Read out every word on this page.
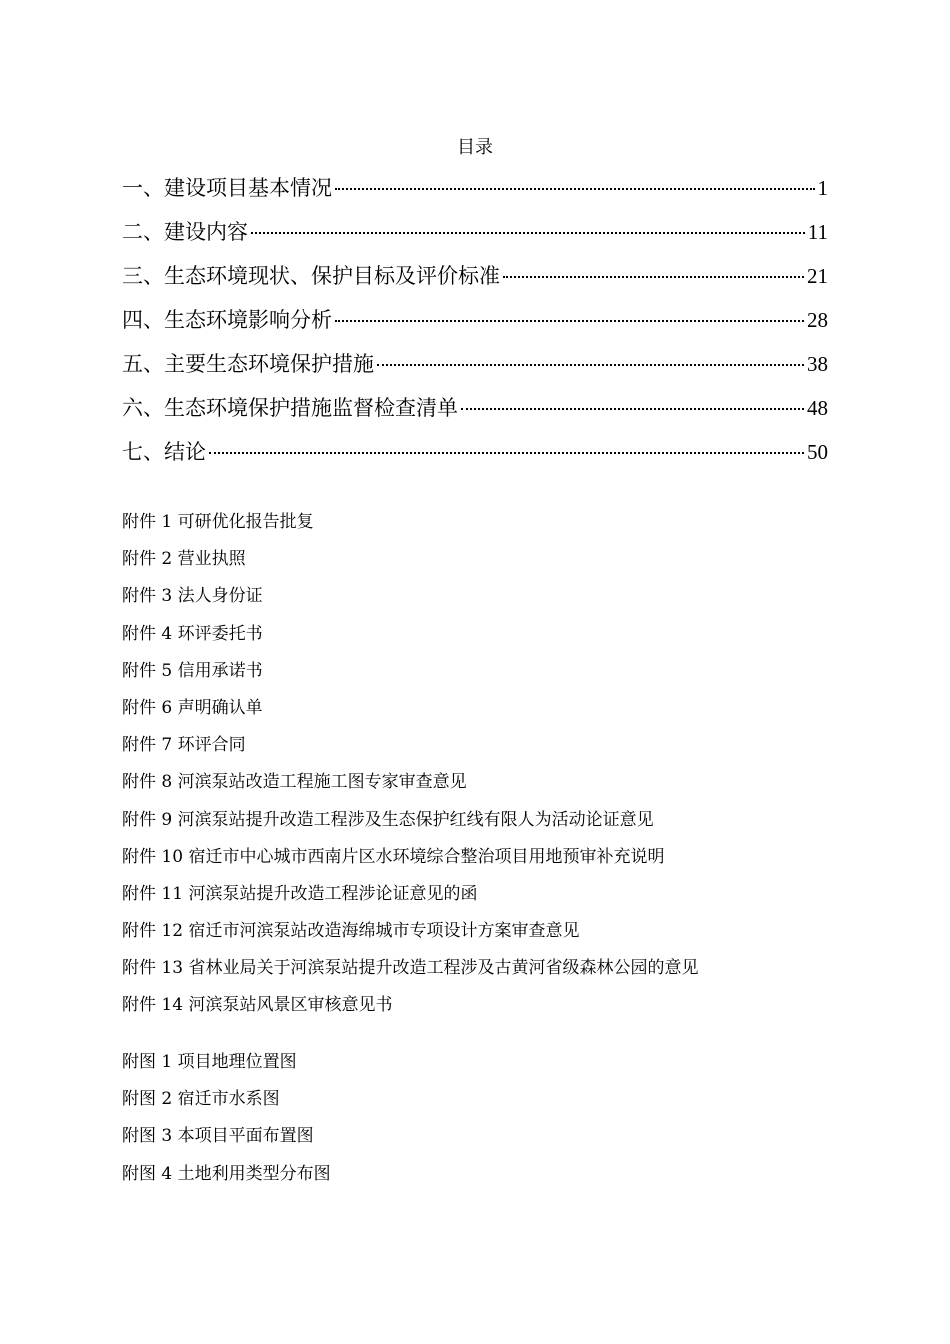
目录
一、建设项目基本情况	1
二、建设内容	11
三、生态环境现状、保护目标及评价标准	21
四、生态环境影响分析	28
五、主要生态环境保护措施	38
六、生态环境保护措施监督检查清单	48
七、结论	50
附件 1 可研优化报告批复
附件 2 营业执照
附件 3 法人身份证
附件 4 环评委托书
附件 5 信用承诺书
附件 6 声明确认单
附件 7 环评合同
附件 8 河滨泵站改造工程施工图专家审查意见
附件 9 河滨泵站提升改造工程涉及生态保护红线有限人为活动论证意见
附件 10 宿迁市中心城市西南片区水环境综合整治项目用地预审补充说明
附件 11 河滨泵站提升改造工程涉论证意见的函
附件 12 宿迁市河滨泵站改造海绵城市专项设计方案审查意见
附件 13 省林业局关于河滨泵站提升改造工程涉及古黄河省级森林公园的意见
附件 14 河滨泵站风景区审核意见书
附图 1 项目地理位置图
附图 2 宿迁市水系图
附图 3 本项目平面布置图
附图 4 土地利用类型分布图
